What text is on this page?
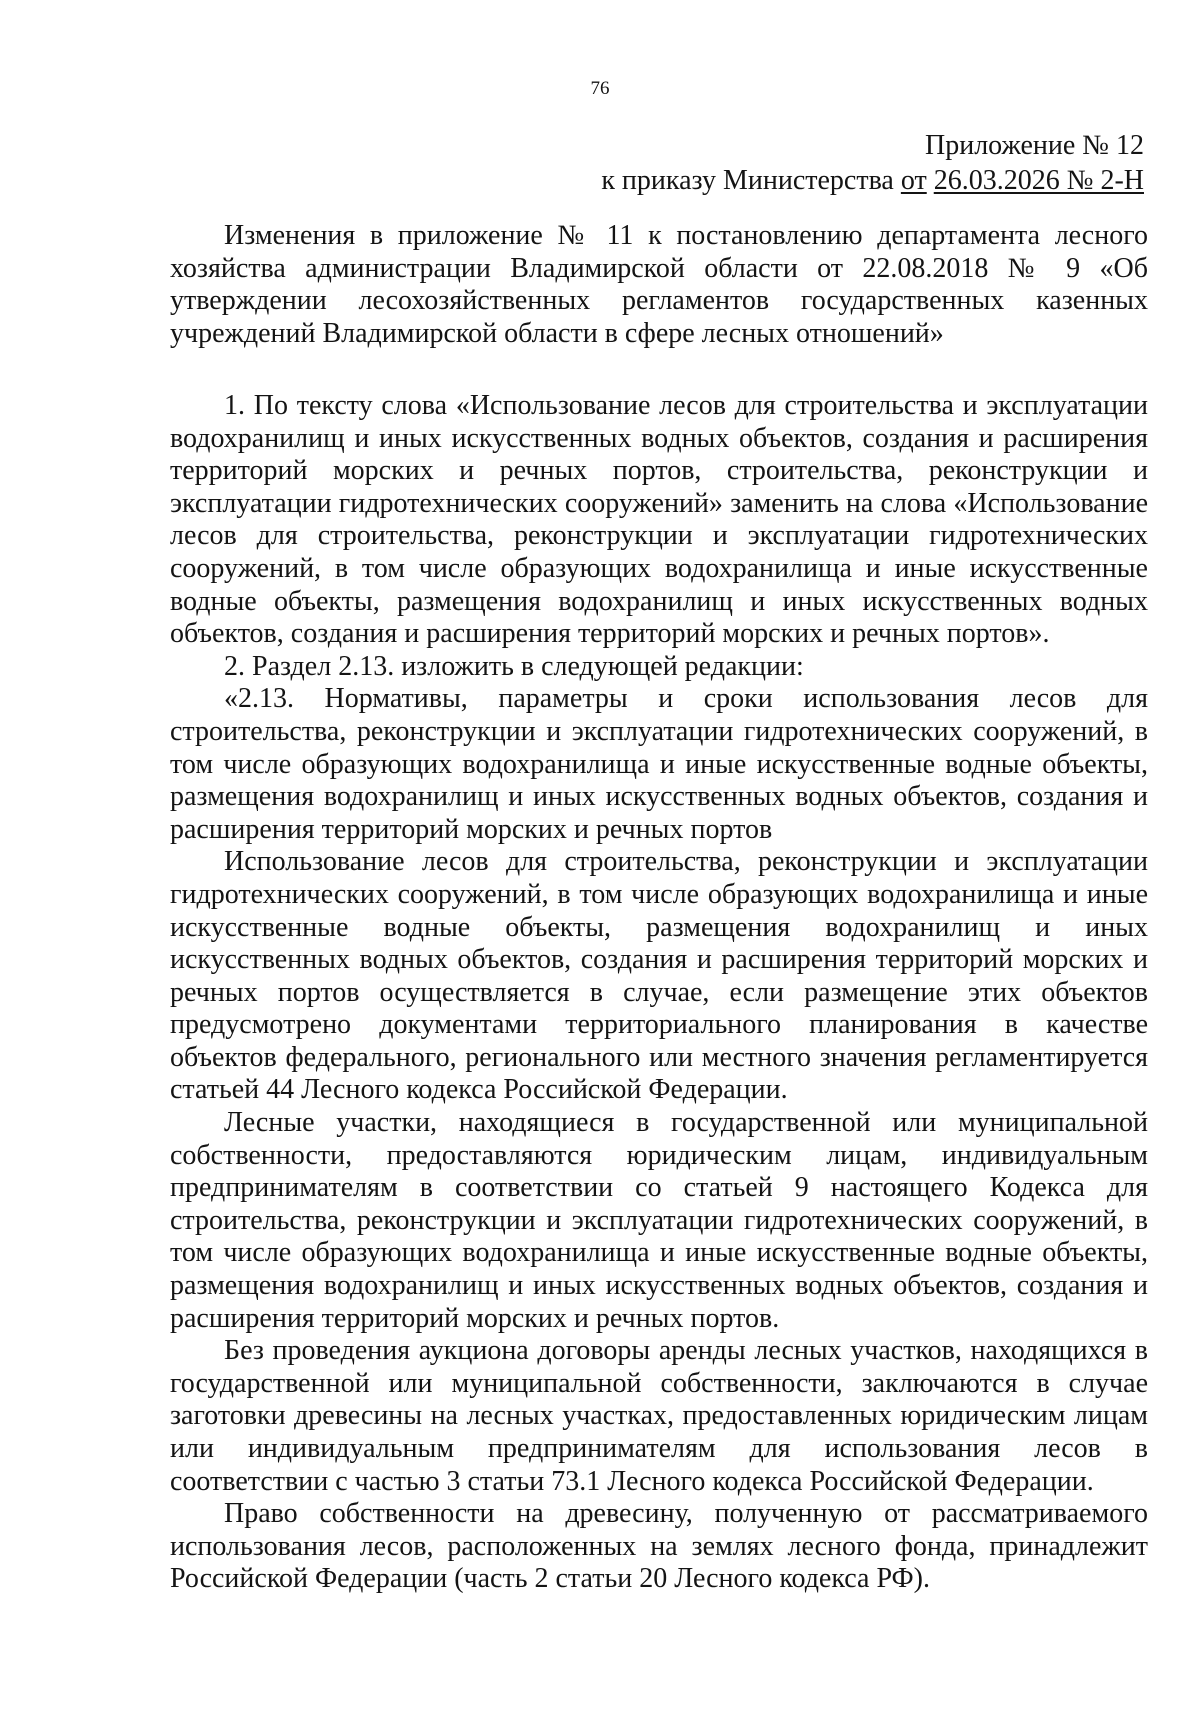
76
Приложение № 12
к приказу Министерства от 26.03.2026 № 2-Н

Изменения в приложение № 11 к постановлению департамента лесного хозяйства администрации Владимирской области от 22.08.2018 № 9 «Об утверждении лесохозяйственных регламентов государственных казенных учреждений Владимирской области в сфере лесных отношений»

1. По тексту слова «Использование лесов для строительства и эксплуатации водохранилищ и иных искусственных водных объектов, создания и расширения территорий морских и речных портов, строительства, реконструкции и эксплуатации гидротехнических сооружений» заменить на слова «Использование лесов для строительства, реконструкции и эксплуатации гидротехнических сооружений, в том числе образующих водохранилища и иные искусственные водные объекты, размещения водохранилищ и иных искусственных водных объектов, создания и расширения территорий морских и речных портов».

2. Раздел 2.13. изложить в следующей редакции:

«2.13. Нормативы, параметры и сроки использования лесов для строительства, реконструкции и эксплуатации гидротехнических сооружений, в том числе образующих водохранилища и иные искусственные водные объекты, размещения водохранилищ и иных искусственных водных объектов, создания и расширения территорий морских и речных портов

Использование лесов для строительства, реконструкции и эксплуатации гидротехнических сооружений, в том числе образующих водохранилища и иные искусственные водные объекты, размещения водохранилищ и иных искусственных водных объектов, создания и расширения территорий морских и речных портов осуществляется в случае, если размещение этих объектов предусмотрено документами территориального планирования в качестве объектов федерального, регионального или местного значения регламентируется статьей 44 Лесного кодекса Российской Федерации.

Лесные участки, находящиеся в государственной или муниципальной собственности, предоставляются юридическим лицам, индивидуальным предпринимателям в соответствии со статьей 9 настоящего Кодекса для строительства, реконструкции и эксплуатации гидротехнических сооружений, в том числе образующих водохранилища и иные искусственные водные объекты, размещения водохранилищ и иных искусственных водных объектов, создания и расширения территорий морских и речных портов.

Без проведения аукциона договоры аренды лесных участков, находящихся в государственной или муниципальной собственности, заключаются в случае заготовки древесины на лесных участках, предоставленных юридическим лицам или индивидуальным предпринимателям для использования лесов в соответствии с частью 3 статьи 73.1 Лесного кодекса Российской Федерации.

Право собственности на древесину, полученную от рассматриваемого использования лесов, расположенных на землях лесного фонда, принадлежит Российской Федерации (часть 2 статьи 20 Лесного кодекса РФ).
